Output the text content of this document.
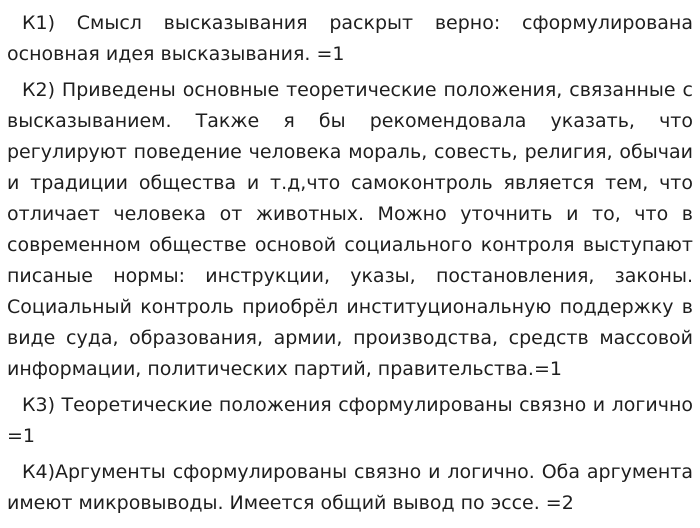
К1) Смысл высказывания раскрыт верно: сформулирована основная идея высказывания. =1

К2) Приведены основные теоретические положения, связанные с высказыванием. Также я бы рекомендовала указать, что регулируют поведение человека мораль, совесть, религия, обычаи и традиции общества и т.д,что самоконтроль является тем, что отличает человека от животных. Можно уточнить и то, что в современном обществе основой социального контроля выступают писаные нормы: инструкции, указы, постановления, законы. Социальный контроль приобрёл институциональную поддержку в виде суда, образования, армии, производства, средств массовой информации, политических партий, правительства.=1

К3) Теоретические положения сформулированы связно и логично =1

К4)Аргументы сформулированы связно и логично. Оба аргумента имеют микровыводы. Имеется общий вывод по эссе. =2
